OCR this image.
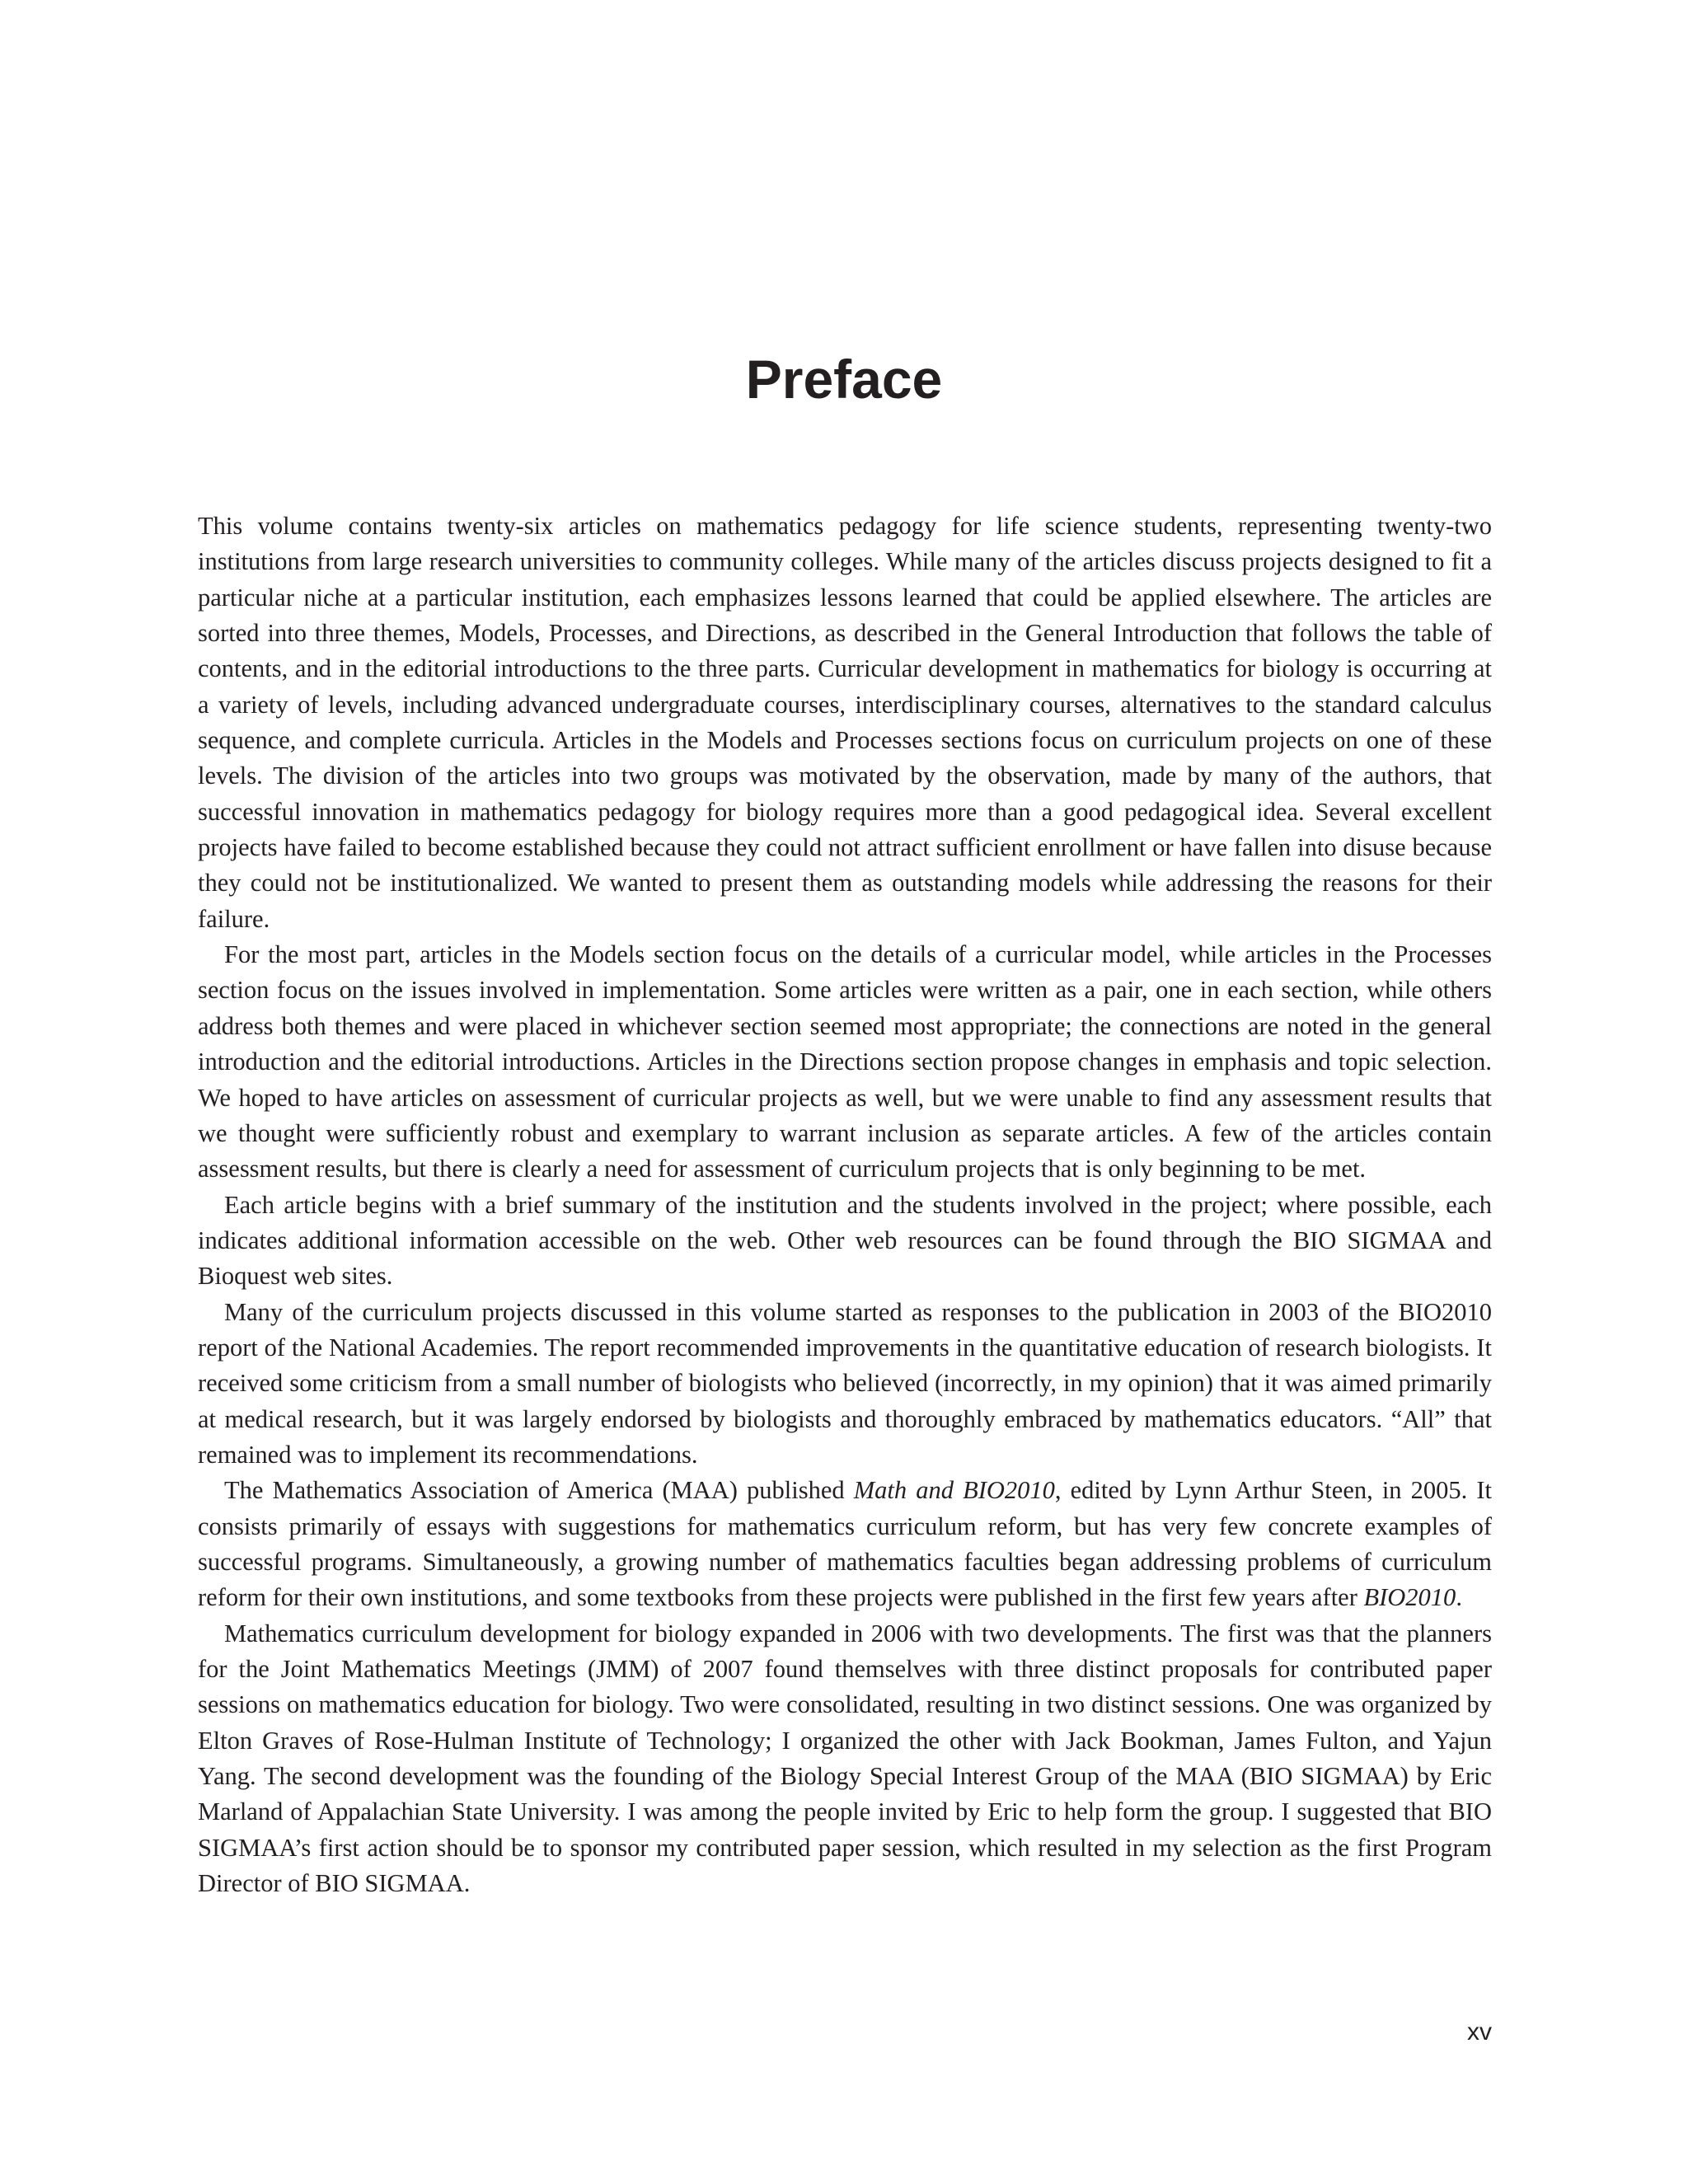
Preface

This volume contains twenty-six articles on mathematics pedagogy for life science students, representing twenty-two institutions from large research universities to community colleges. While many of the articles discuss projects designed to fit a particular niche at a particular institution, each emphasizes lessons learned that could be applied elsewhere. The articles are sorted into three themes, Models, Processes, and Directions, as described in the General Introduction that follows the table of contents, and in the editorial introductions to the three parts. Curricular development in mathematics for biology is occurring at a variety of levels, including advanced undergraduate courses, interdisciplinary courses, alternatives to the standard calculus sequence, and complete curricula. Articles in the Models and Processes sections focus on curriculum projects on one of these levels. The division of the articles into two groups was motivated by the observation, made by many of the authors, that successful innovation in mathematics pedagogy for biology requires more than a good pedagogical idea. Several excellent projects have failed to become established because they could not attract sufficient enrollment or have fallen into disuse because they could not be institutionalized. We wanted to present them as outstanding models while addressing the reasons for their failure.

For the most part, articles in the Models section focus on the details of a curricular model, while articles in the Processes section focus on the issues involved in implementation. Some articles were written as a pair, one in each section, while others address both themes and were placed in whichever section seemed most appropriate; the connections are noted in the general introduction and the editorial introductions. Articles in the Directions section propose changes in emphasis and topic selection. We hoped to have articles on assessment of curricular projects as well, but we were unable to find any assessment results that we thought were sufficiently robust and exemplary to warrant inclusion as separate articles. A few of the articles contain assessment results, but there is clearly a need for assessment of curriculum projects that is only beginning to be met.

Each article begins with a brief summary of the institution and the students involved in the project; where possible, each indicates additional information accessible on the web. Other web resources can be found through the BIO SIGMAA and Bioquest web sites.

Many of the curriculum projects discussed in this volume started as responses to the publication in 2003 of the BIO2010 report of the National Academies. The report recommended improvements in the quantitative education of research biologists. It received some criticism from a small number of biologists who believed (incorrectly, in my opinion) that it was aimed primarily at medical research, but it was largely endorsed by biologists and thoroughly embraced by mathematics educators. “All” that remained was to implement its recommendations.

The Mathematics Association of America (MAA) published Math and BIO2010, edited by Lynn Arthur Steen, in 2005. It consists primarily of essays with suggestions for mathematics curriculum reform, but has very few concrete examples of successful programs. Simultaneously, a growing number of mathematics faculties began addressing problems of curriculum reform for their own institutions, and some textbooks from these projects were published in the first few years after BIO2010.

Mathematics curriculum development for biology expanded in 2006 with two developments. The first was that the planners for the Joint Mathematics Meetings (JMM) of 2007 found themselves with three distinct proposals for contributed paper sessions on mathematics education for biology. Two were consolidated, resulting in two distinct sessions. One was organized by Elton Graves of Rose-Hulman Institute of Technology; I organized the other with Jack Bookman, James Fulton, and Yajun Yang. The second development was the founding of the Biology Special Interest Group of the MAA (BIO SIGMAA) by Eric Marland of Appalachian State University. I was among the people invited by Eric to help form the group. I suggested that BIO SIGMAA’s first action should be to sponsor my contributed paper session, which resulted in my selection as the first Program Director of BIO SIGMAA.

xv
